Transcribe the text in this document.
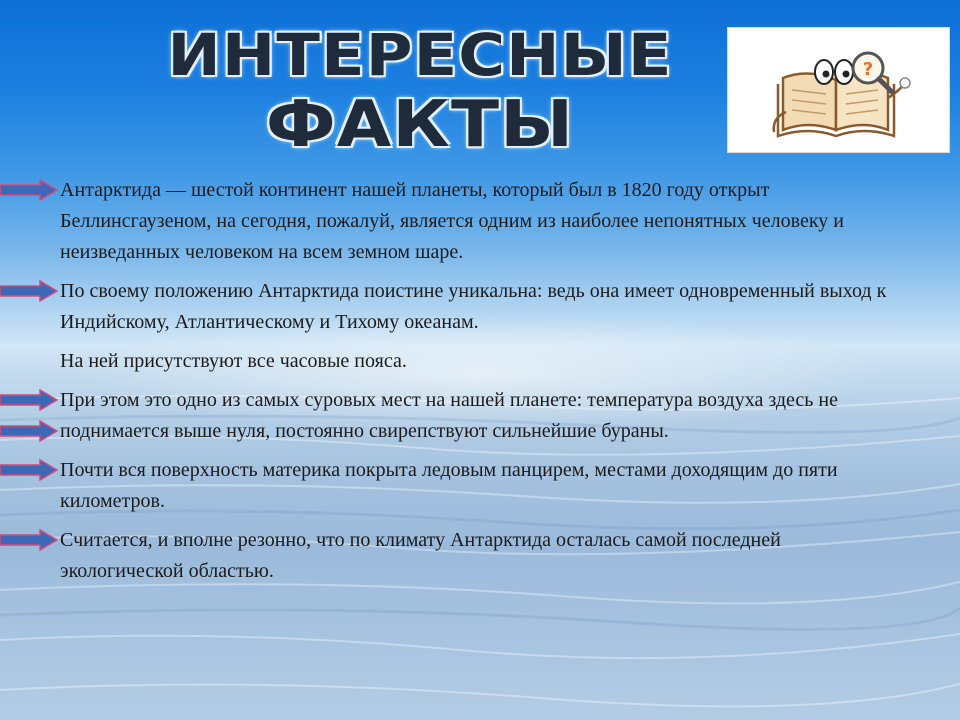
ИНТЕРЕСНЫЕ
ФАКТЫ
?
Антарктида — шестой континент нашей планеты, который был в 1820 году открыт Беллинсгаузеном, на сегодня, пожалуй, является одним из наиболее непонятных человеку и неизведанных человеком на всем земном шаре.
По своему положению Антарктида поистине уникальна: ведь она имеет одновременный выход к Индийскому, Атлантическому и Тихому океанам.
На ней присутствуют все часовые пояса.
При этом это одно из самых суровых мест на нашей планете: температура воздуха здесь не поднимается выше нуля, постоянно свирепствуют сильнейшие бураны.
Почти вся поверхность материка покрыта ледовым панцирем, местами доходящим до пяти километров.
Считается, и вполне резонно, что по климату Антарктида осталась самой последней экологической областью.
